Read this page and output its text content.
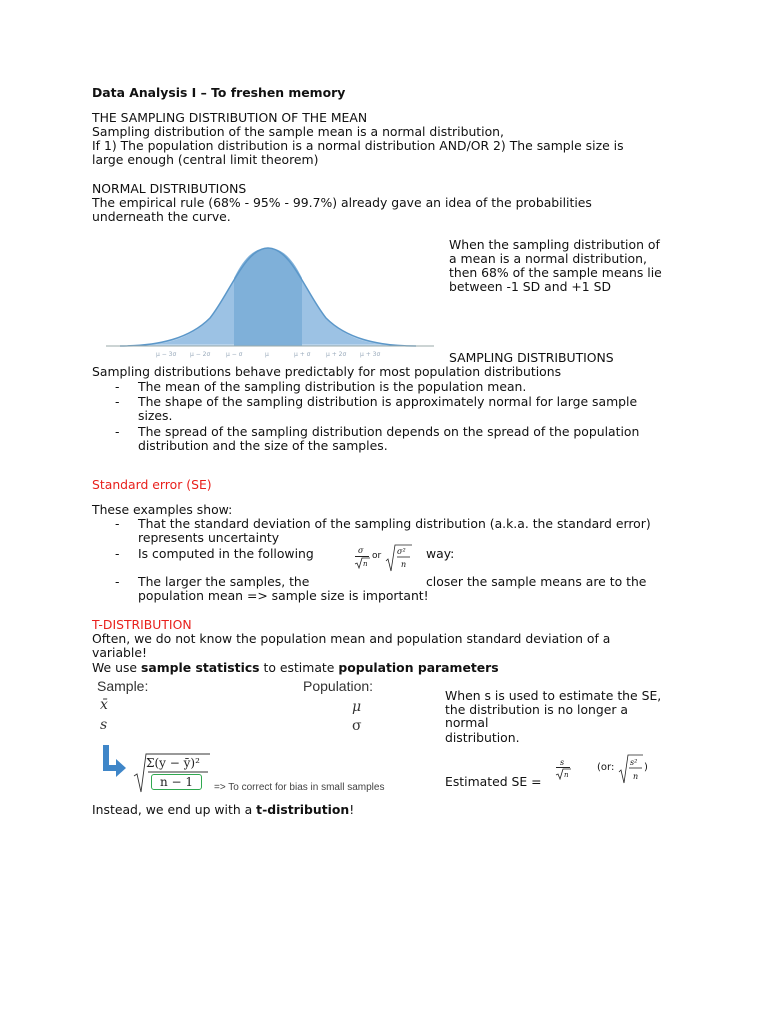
Data Analysis I – To freshen memory
THE SAMPLING DISTRIBUTION OF THE MEAN
Sampling distribution of the sample mean is a normal distribution,
If 1) The population distribution is a normal distribution AND/OR 2) The sample size is
large enough (central limit theorem)
NORMAL DISTRIBUTIONS
The empirical rule (68% - 95% - 99.7%) already gave an idea of the probabilities
underneath the curve.
μ − 3σ μ − 2σ	μ − σ	μ	μ + σ	μ + 2σ μ + 3σ
When the sampling distribution of
a mean is a normal distribution,
then 68% of the sample means lie
between -1 SD and +1 SD
SAMPLING DISTRIBUTIONS
Sampling distributions behave predictably for most population distributions
- The mean of the sampling distribution is the population mean.
- The shape of the sampling distribution is approximately normal for large sample
sizes.
- The spread of the sampling distribution depends on the spread of the population
distribution and the size of the samples.
Standard error (SE)
These examples show:
- That the standard deviation of the sampling distribution (a.k.a. the standard error)
represents uncertainty
- Is computed in the following	way:
σ
n
or σ²
n
- The larger the samples, the	closer the sample means are to the
population mean => sample size is important!
T-DISTRIBUTION
Often, we do not know the population mean and population standard deviation of a
variable!
We use sample statistics to estimate population parameters
Sample:	Population:
x̄	μ
s	σ
When s is used to estimate the SE,
the distribution is no longer a
normal
distribution.
Σ(y − ȳ)²
n − 1	=> To correct for bias in small samples	Estimated SE =
s
n
(or: s²
n
)
Instead, we end up with a t-distribution!
